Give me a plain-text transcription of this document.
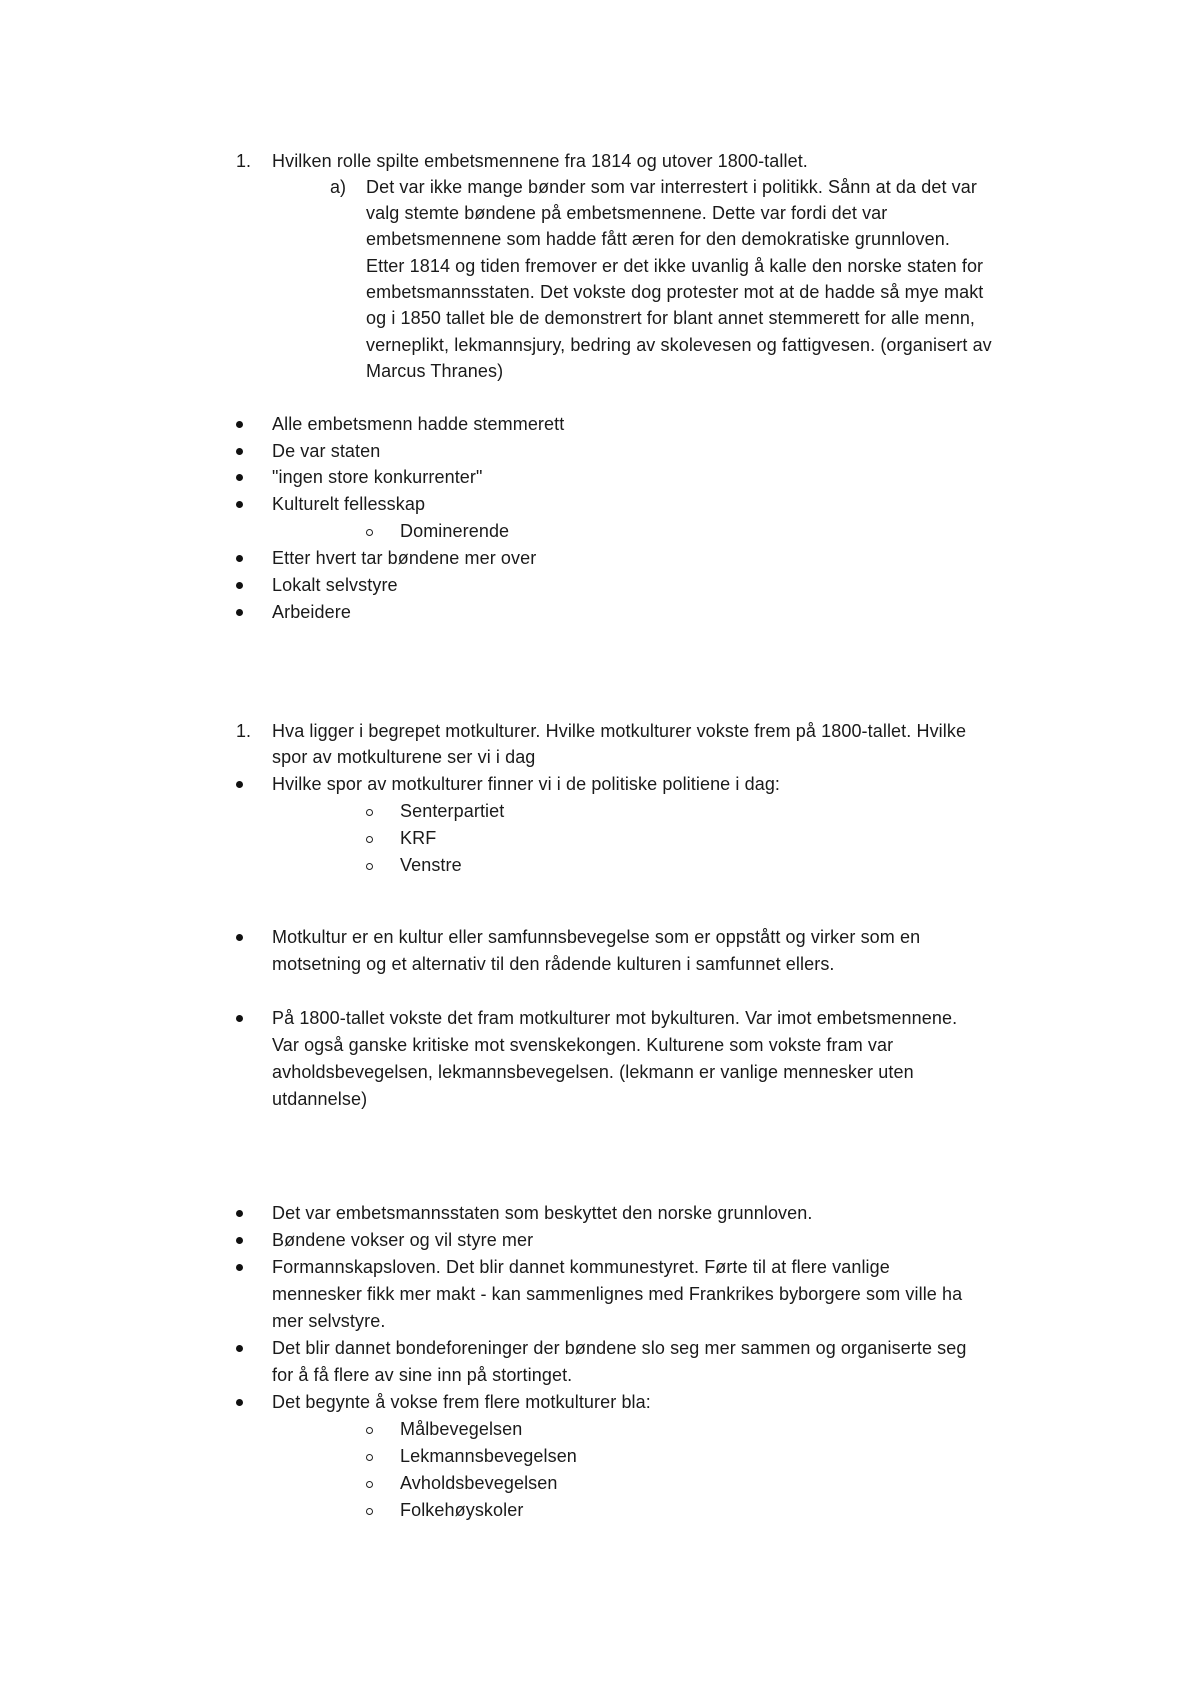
1. Hvilken rolle spilte embetsmennene fra 1814 og utover 1800-tallet.
a) Det var ikke mange bønder som var interrestert i politikk. Sånn at da det var
valg stemte bøndene på embetsmennene. Dette var fordi det var
embetsmennene som hadde fått æren for den demokratiske grunnloven.
Etter 1814 og tiden fremover er det ikke uvanlig å kalle den norske staten for
embetsmannsstaten. Det vokste dog protester mot at de hadde så mye makt
og i 1850 tallet ble de demonstrert for blant annet stemmerett for alle menn,
verneplikt, lekmannsjury, bedring av skolevesen og fattigvesen. (organisert av
Marcus Thranes)
Alle embetsmenn hadde stemmerett
De var staten
"ingen store konkurrenter"
Kulturelt fellesskap
Dominerende
Etter hvert tar bøndene mer over
Lokalt selvstyre
Arbeidere
1. Hva ligger i begrepet motkulturer. Hvilke motkulturer vokste frem på 1800-tallet. Hvilke
spor av motkulturene ser vi i dag
Hvilke spor av motkulturer finner vi i de politiske politiene i dag:
Senterpartiet
KRF
Venstre
Motkultur er en kultur eller samfunnsbevegelse som er oppstått og virker som en
motsetning og et alternativ til den rådende kulturen i samfunnet ellers.
På 1800-tallet vokste det fram motkulturer mot bykulturen. Var imot embetsmennene.
Var også ganske kritiske mot svenskekongen. Kulturene som vokste fram var
avholdsbevegelsen, lekmannsbevegelsen. (lekmann er vanlige mennesker uten
utdannelse)
Det var embetsmannsstaten som beskyttet den norske grunnloven.
Bøndene vokser og vil styre mer
Formannskapsloven. Det blir dannet kommunestyret. Førte til at flere vanlige
mennesker fikk mer makt - kan sammenlignes med Frankrikes byborgere som ville ha
mer selvstyre.
Det blir dannet bondeforeninger der bøndene slo seg mer sammen og organiserte seg
for å få flere av sine inn på stortinget.
Det begynte å vokse frem flere motkulturer bla:
Målbevegelsen
Lekmannsbevegelsen
Avholdsbevegelsen
Folkehøyskoler
